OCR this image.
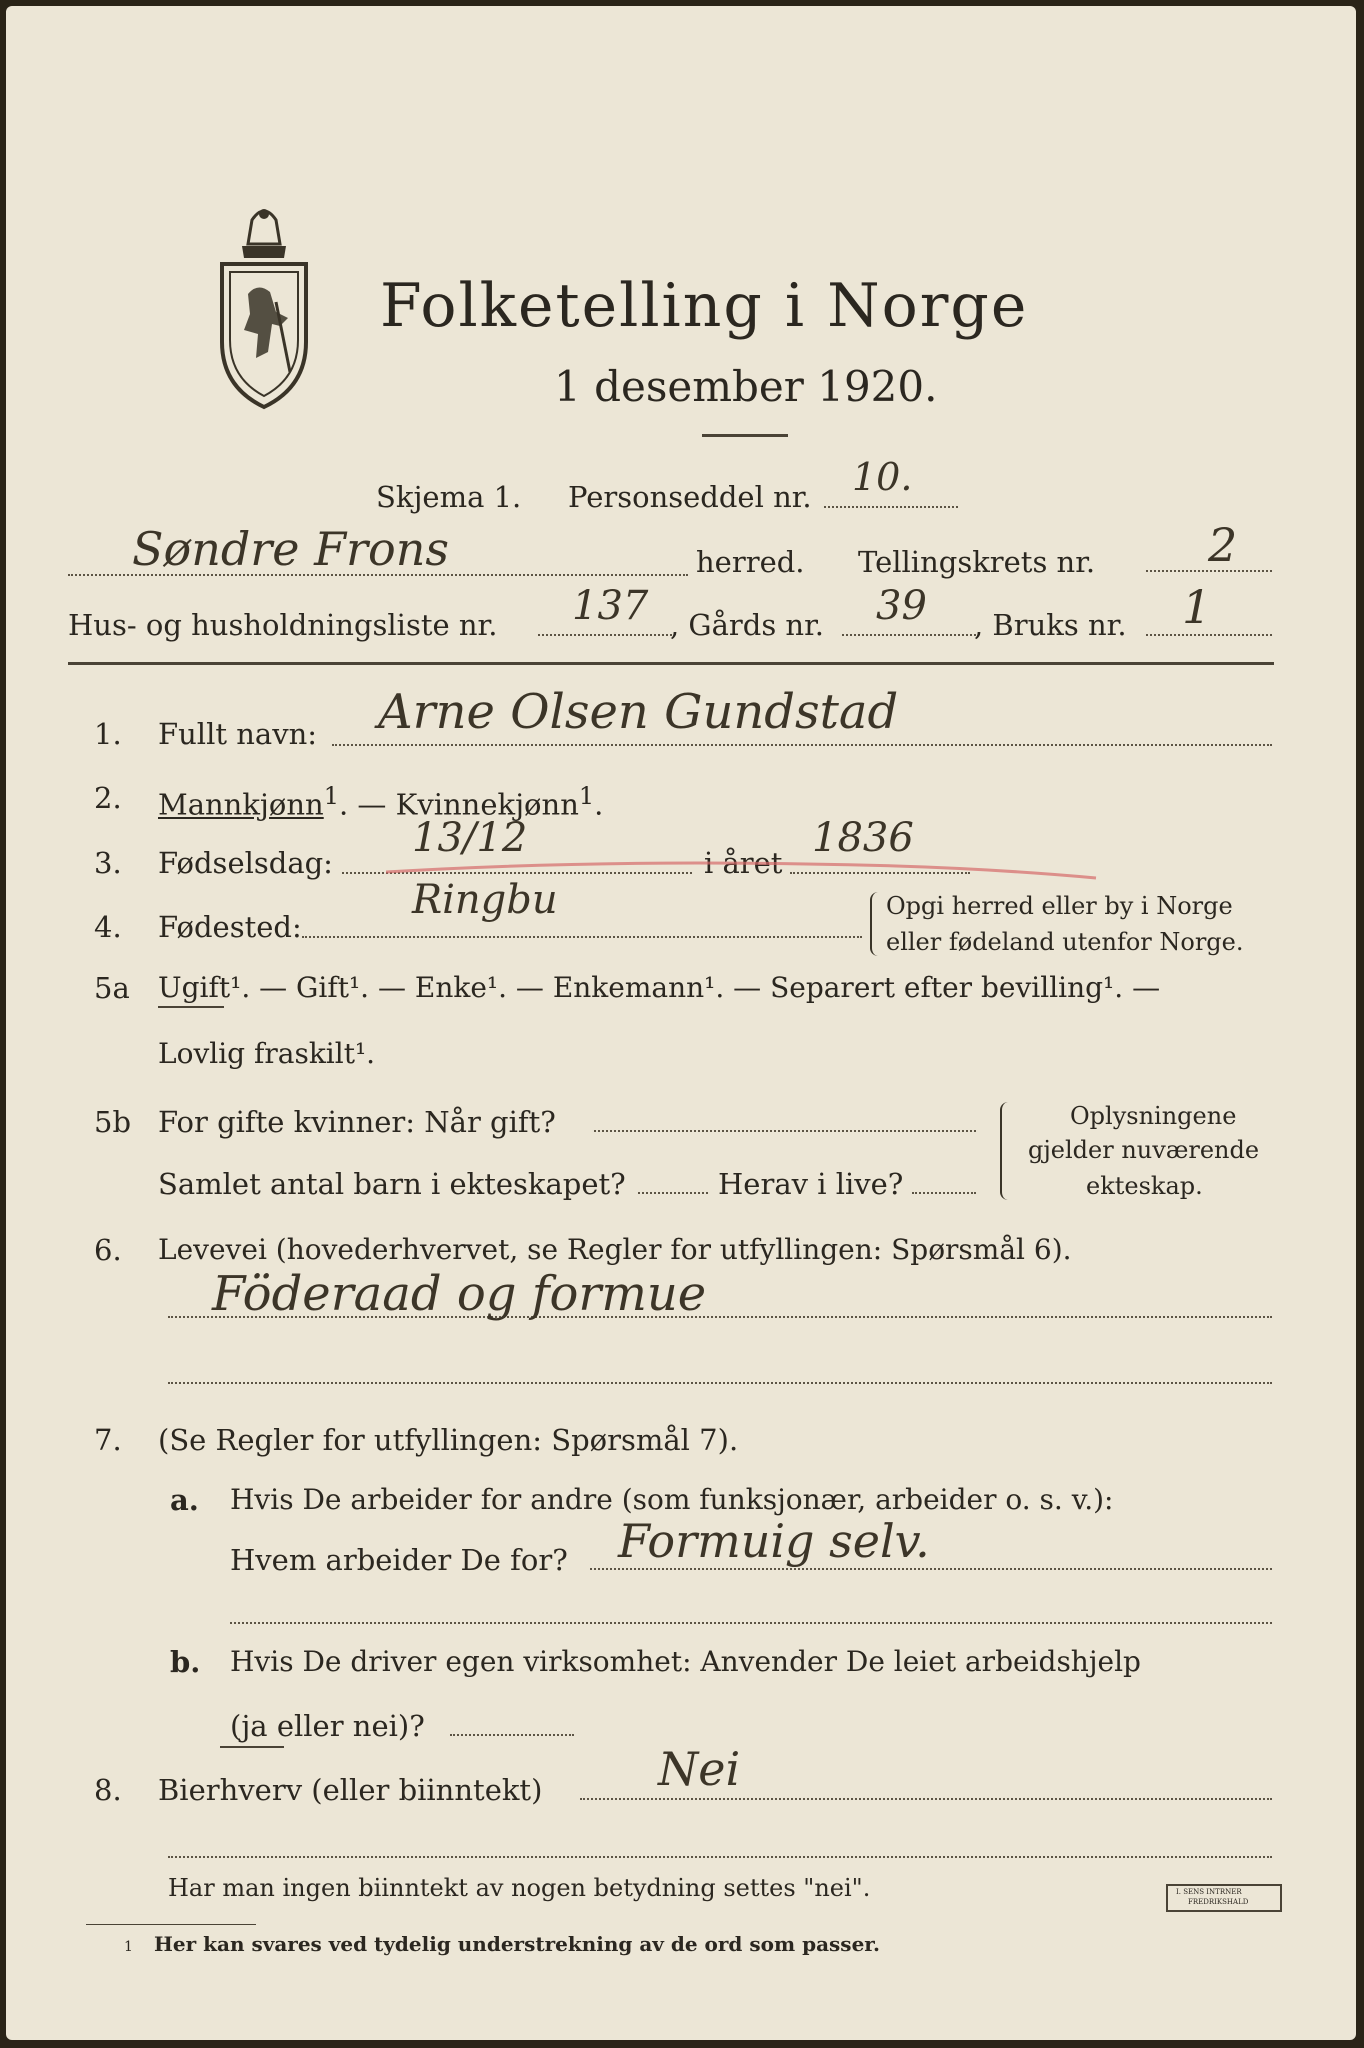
Folketelling i Norge
1 desember 1920.
Skjema 1. Personseddel nr. 10.
Søndre Frons	herred. Tellingskrets nr. 2
Hus- og husholdningsliste nr. 137 , Gårds nr. 39 , Bruks nr. 1
1. Fullt navn: Arne Olsen Gundstad
2. Mannkjønn$^1$. — Kvinnekjønn$^1$.
3. Fødselsdag:
13/12
i året
1836
4. Fødested:
Ringbu	Opgi herred eller by i Norge
eller fødeland utenfor Norge.
5a Ugift¹. — Gift¹. — Enke¹. — Enkemann¹. — Separert efter bevilling¹. —
Lovlig fraskilt¹.
5b For gifte kvinner: Når gift?
Samlet antal barn i ekteskapet?	Herav i live?
Oplysningene
gjelder nuværende
ekteskap.
6. Levevei (hovederhvervet, se Regler for utfyllingen: Spørsmål 6).
Föderaad og formue
7. (Se Regler for utfyllingen: Spørsmål 7).
a. Hvis De arbeider for andre (som funksjonær, arbeider o. s. v.):
Hvem arbeider De for? Formuig selv.
b. Hvis De driver egen virksomhet: Anvender De leiet arbeidshjelp
(ja eller nei)?
8. Bierhverv (eller biinntekt)	Nei
Har man ingen biinntekt av nogen betydning settes "nei".
1 Her kan svares ved tydelig understrekning av de ord som passer.
I. SENS INTRNER
FREDRIKSHALD
